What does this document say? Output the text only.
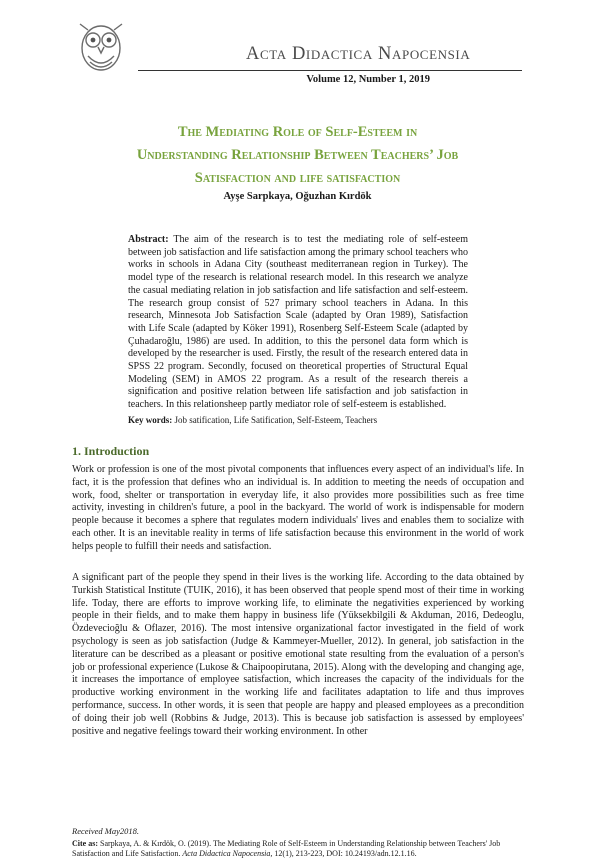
Acta Didactica Napocensia
Volume 12, Number 1, 2019
The Mediating Role of Self-Esteem in
Understanding Relationship Between Teachers’ Job
Satisfaction and life satisfaction
Ayşe Sarpkaya, Oğuzhan Kırdök
Abstract: The aim of the research is to test the mediating role of self-esteem between job satisfaction and life satisfaction among the primary school teachers who works in schools in Adana City (southeast mediterranean region in Turkey). The model type of the research is relational research model. In this research we analyze the casual mediating relation in job satisfaction and life satisfaction and self-esteem. The research group consist of 527 primary school teachers in Adana. In this research, Minnesota Job Satisfaction Scale (adapted by Oran 1989), Satisfaction with Life Scale (adapted by Köker 1991), Rosenberg Self-Esteem Scale (adapted by Çuhadaroğlu, 1986) are used. In addition, to this the personel data form which is developed by the researcher is used. Firstly, the result of the research entered data in SPSS 22 program. Secondly, focused on theoretical properties of Structural Equal Modeling (SEM) in AMOS 22 program. As a result of the research thereis a signification and positive relation between life satisfaction and job satisfaction in teachers. In this relationsheep partly mediator role of self-esteem is established.
Key words: Job satification, Life Satification, Self-Esteem, Teachers
1. Introduction

Work or profession is one of the most pivotal components that influences every aspect of an individual's life. In fact, it is the profession that defines who an individual is. In addition to meeting the needs of occupation and work, food, shelter or transportation in everyday life, it also provides more possibilities such as free time activity, investing in children's future, a pool in the backyard. The world of work is indispensable for modern people because it becomes a sphere that regulates modern individuals' lives and enables them to socialize with each other. It is an inevitable reality in terms of life satisfaction because this environment in the world of work helps people to fulfill their needs and satisfaction.

A significant part of the people they spend in their lives is the working life. According to the data obtained by Turkish Statistical Institute (TUIK, 2016), it has been observed that people spend most of their time in working life. Today, there are efforts to improve working life, to eliminate the negativities experienced by working people in their fields, and to make them happy in business life (Yüksekbilgili & Akduman, 2016, Dedeoglu, Özdevecioğlu & Oflazer, 2016). The most intensive organizational factor investigated in the field of work psychology is seen as job satisfaction (Judge & Kammeyer-Mueller, 2012). In general, job satisfaction in the literature can be described as a pleasant or positive emotional state resulting from the evaluation of a person's job or professional experience (Lukose & Chaipoopirutana, 2015). Along with the developing and changing age, it increases the importance of employee satisfaction, which increases the capacity of the individuals for the productive working environment in the working life and facilitates adaptation to life and thus improves performance, success. In other words, it is seen that people are happy and pleased employees as a precondition of doing their job well (Robbins & Judge, 2013). This is because job satisfaction is assessed by employees' positive and negative feelings toward their working environment. In other

Received May2018.
Cite as: Sarpkaya, A. & Kırdök, O. (2019). The Mediating Role of Self-Esteem in Understanding Relationship between Teachers' Job Satisfaction and Life Satisfaction. Acta Didactica Napocensia, 12(1), 213-223, DOI: 10.24193/adn.12.1.16.
